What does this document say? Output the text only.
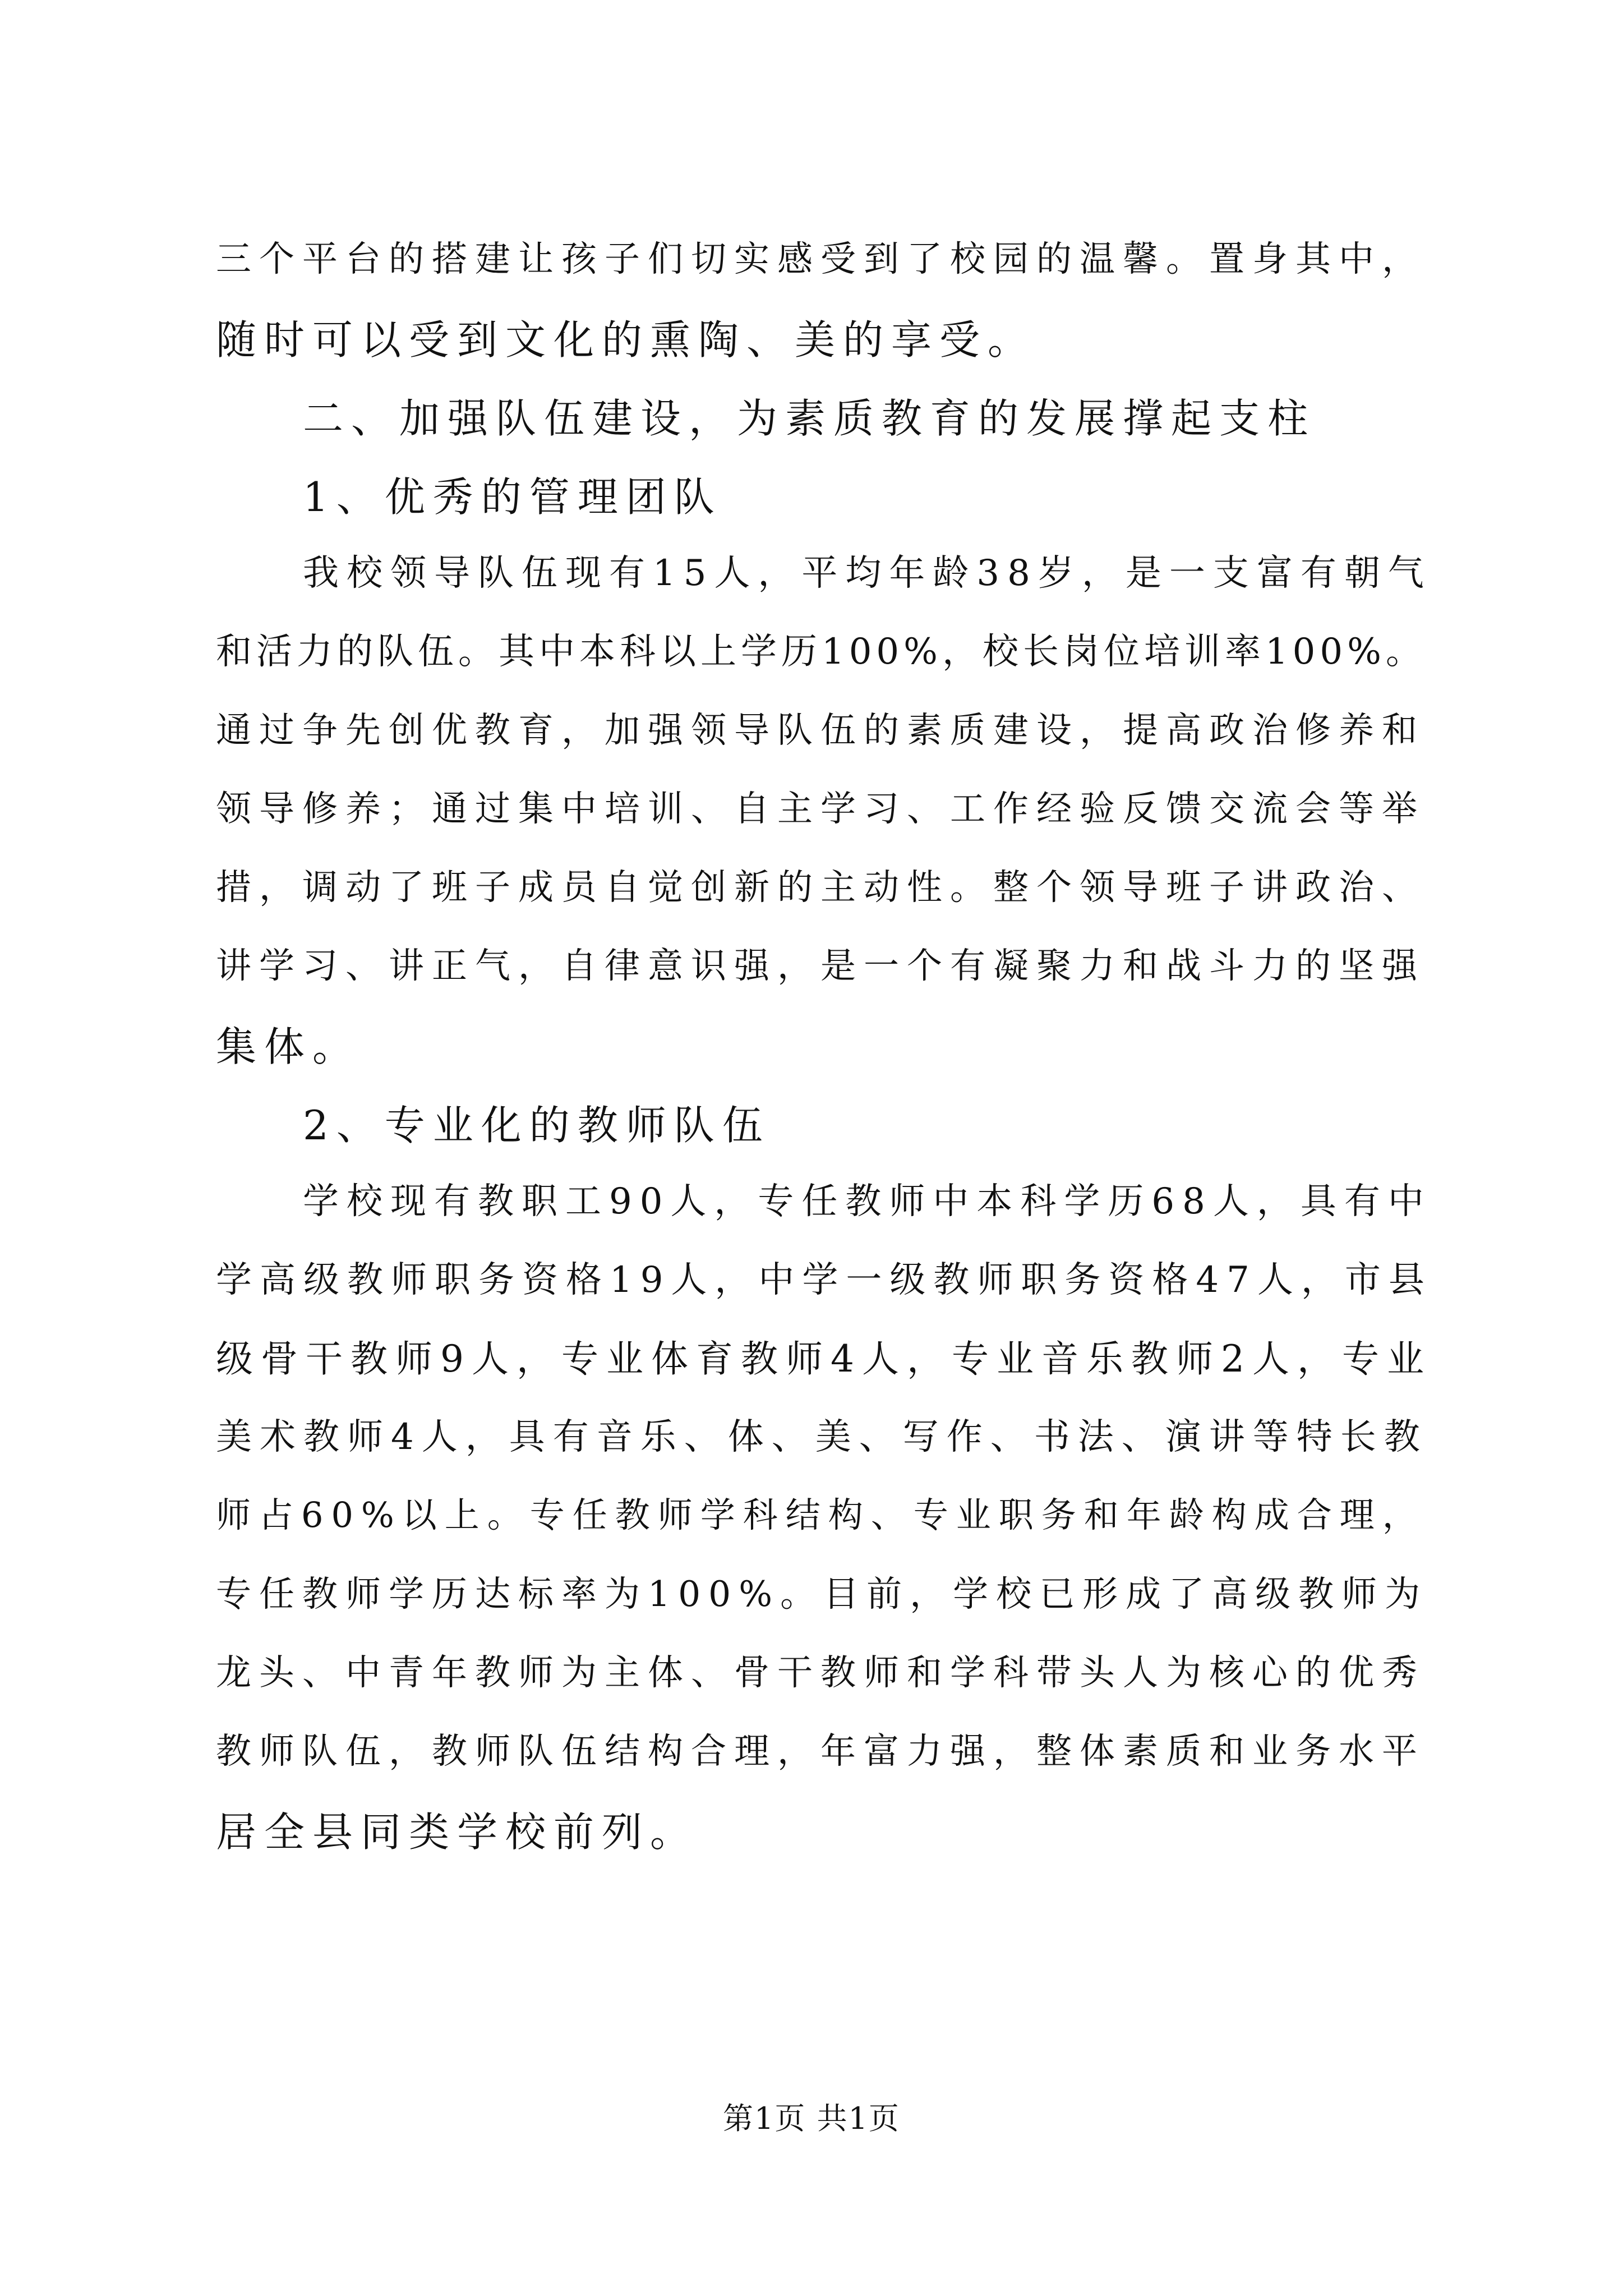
三个平台的搭建让孩子们切实感受到了校园的温馨。置身其中，
随时可以受到文化的熏陶、美的享受。
二、加强队伍建设，为素质教育的发展撑起支柱
1、优秀的管理团队
我校领导队伍现有15人，平均年龄38岁，是一支富有朝气
和活力的队伍。其中本科以上学历100%，校长岗位培训率100%。
通过争先创优教育，加强领导队伍的素质建设，提高政治修养和
领导修养；通过集中培训、自主学习、工作经验反馈交流会等举
措，调动了班子成员自觉创新的主动性。整个领导班子讲政治、
讲学习、讲正气，自律意识强，是一个有凝聚力和战斗力的坚强
集体。
2、专业化的教师队伍
学校现有教职工90人，专任教师中本科学历68人，具有中
学高级教师职务资格19人，中学一级教师职务资格47人，市县
级骨干教师9人，专业体育教师4人，专业音乐教师2人，专业
美术教师4人，具有音乐、体、美、写作、书法、演讲等特长教
师占60%以上。专任教师学科结构、专业职务和年龄构成合理，
专任教师学历达标率为100%。目前，学校已形成了高级教师为
龙头、中青年教师为主体、骨干教师和学科带头人为核心的优秀
教师队伍，教师队伍结构合理，年富力强，整体素质和业务水平
居全县同类学校前列。
第1页 共1页
